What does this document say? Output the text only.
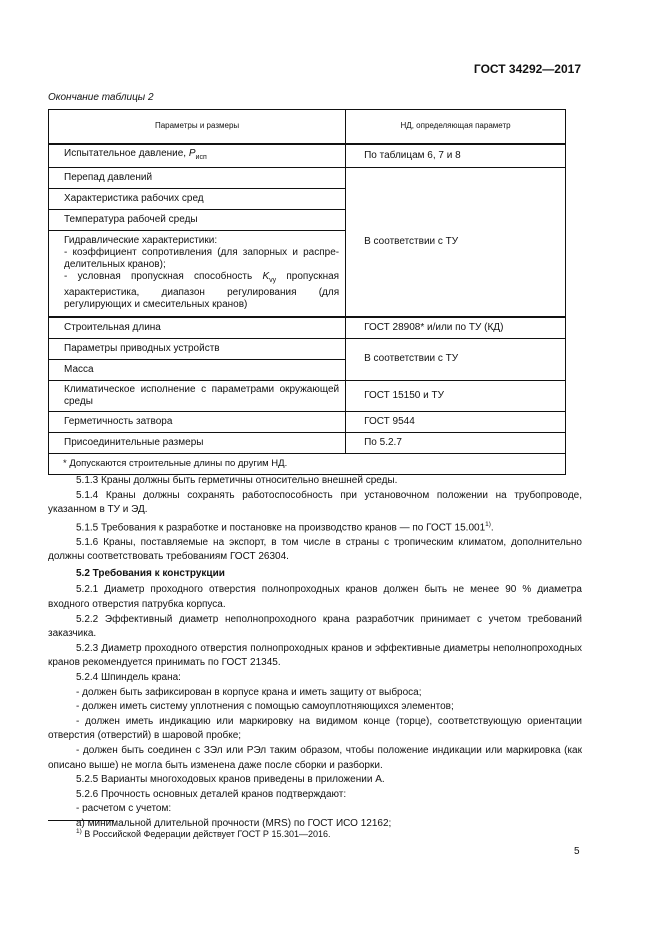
ГОСТ 34292—2017
Окончание таблицы 2
Параметры и размеры	НД, определяющая параметр
Испытательное давление, $P_{исп}$	По таблицам 6, 7 и 8
Перепад давлений	В соответствии с ТУ
Характеристика рабочих сред	
Температура рабочей среды	

Гидравлические характеристики:
- коэффициент сопротивления (для запорных и распре-делительных кранов);
- условная пропускная способность $K_{vy}$ пропускная характеристика, диапазон регулирования (для регулирующих и смесительных кранов)	

Строительная длина	ГОСТ 28908* и/или по ТУ (КД)
Параметры приводных устройств	В соответствии с ТУ
Масса	
Климатическое исполнение с параметрами окружающей среды	ГОСТ 15150 и ТУ
Герметичность затвора	ГОСТ 9544
Присоединительные размеры	По 5.2.7
* Допускаются строительные длины по другим НД.	

5.1.3 Краны должны быть герметичны относительно внешней среды.

5.1.4 Краны должны сохранять работоспособность при установочном положении на трубопроводе, указанном в ТУ и ЭД.

5.1.5 Требования к разработке и постановке на производство кранов — по ГОСТ 15.001$^{1)}$.

5.1.6 Краны, поставляемые на экспорт, в том числе в страны с тропическим климатом, дополнительно должны соответствовать требованиям ГОСТ 26304.

5.2 Требования к конструкции

5.2.1 Диаметр проходного отверстия полнопроходных кранов должен быть не менее 90 % диаметра входного отверстия патрубка корпуса.

5.2.2 Эффективный диаметр неполнопроходного крана разработчик принимает с учетом требований заказчика.

5.2.3 Диаметр проходного отверстия полнопроходных кранов и эффективные диаметры неполнопроходных кранов рекомендуется принимать по ГОСТ 21345.

5.2.4 Шпиндель крана:

- должен быть зафиксирован в корпусе крана и иметь защиту от выброса;

- должен иметь систему уплотнения с помощью самоуплотняющихся элементов;

- должен иметь индикацию или маркировку на видимом конце (торце), соответствующую ориентации отверстия (отверстий) в шаровой пробке;

- должен быть соединен с ЗЭл или РЭл таким образом, чтобы положение индикации или маркировка (как описано выше) не могла быть изменена даже после сборки и разборки.

5.2.5 Варианты многоходовых кранов приведены в приложении А.

5.2.6 Прочность основных деталей кранов подтверждают:

- расчетом с учетом:

а) минимальной длительной прочности (MRS) по ГОСТ ИСО 12162;

$^{1)}$ В Российской Федерации действует ГОСТ Р 15.301—2016.
5
